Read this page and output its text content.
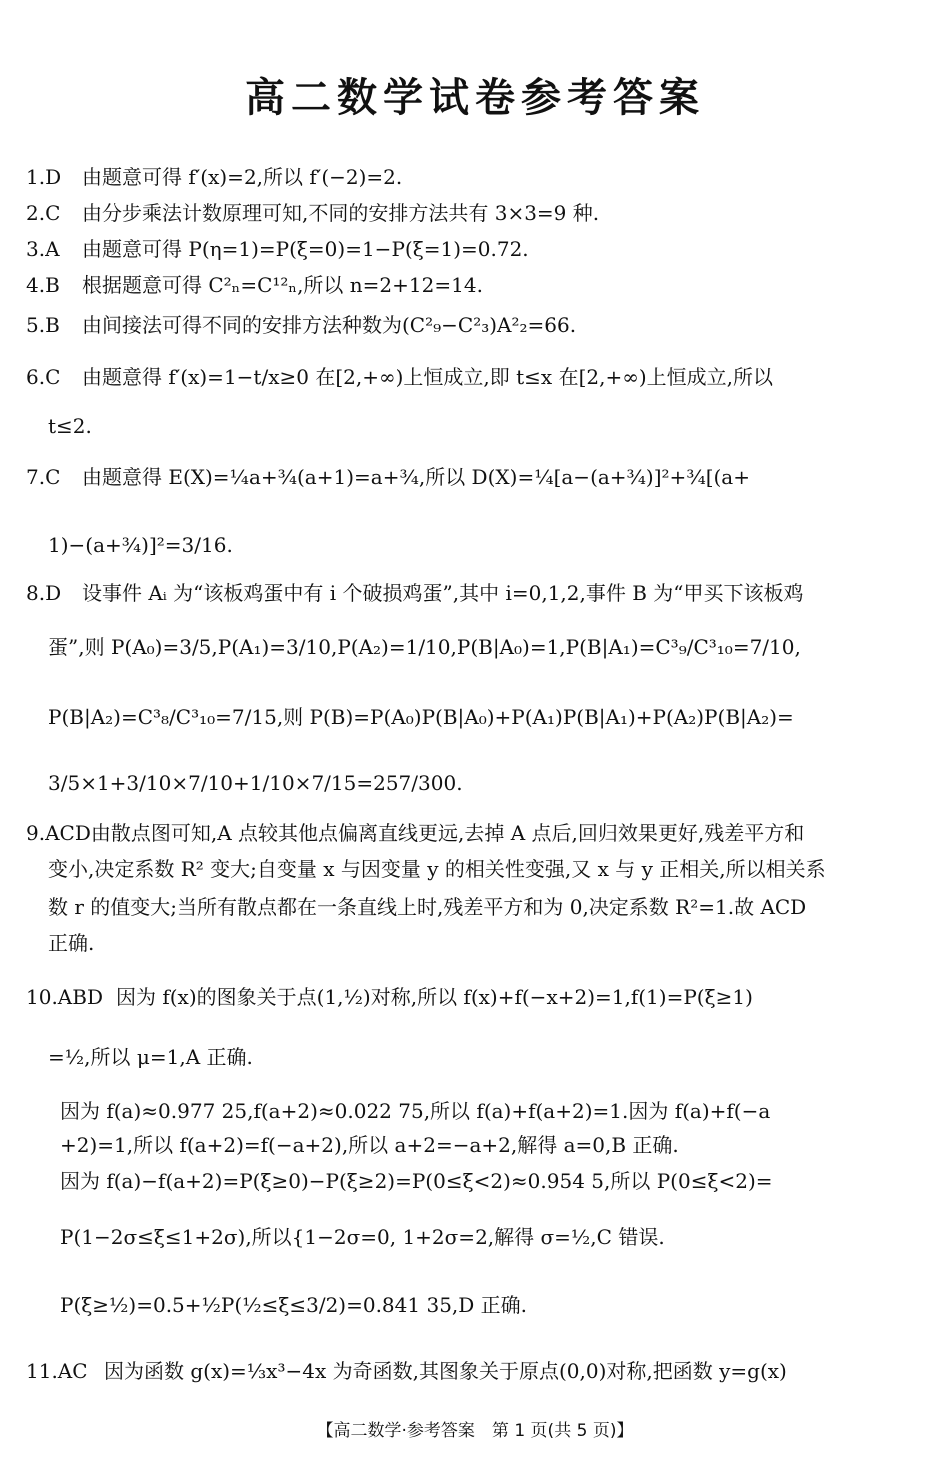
高二数学试卷参考答案
1.D 由题意可得 f′(x)=2,所以 f′(−2)=2.
2.C 由分步乘法计数原理可知,不同的安排方法共有 3×3=9 种.
3.A 由题意可得 P(η=1)=P(ξ=0)=1−P(ξ=1)=0.72.
4.B 根据题意可得 C²ₙ=C¹²ₙ,所以 n=2+12=14.
5.B 由间接法可得不同的安排方法种数为(C²₉−C²₃)A²₂=66.
6.C 由题意得 f′(x)=1−t/x≥0 在[2,+∞)上恒成立,即 t≤x 在[2,+∞)上恒成立,所以
t≤2.
7.C 由题意得 E(X)=¼a+¾(a+1)=a+¾,所以 D(X)=¼[a−(a+¾)]²+¾[(a+
1)−(a+¾)]²=3/16.
8.D 设事件 Aᵢ 为“该板鸡蛋中有 i 个破损鸡蛋”,其中 i=0,1,2,事件 B 为“甲买下该板鸡
蛋”,则 P(A₀)=3/5,P(A₁)=3/10,P(A₂)=1/10,P(B|A₀)=1,P(B|A₁)=C³₉/C³₁₀=7/10,
P(B|A₂)=C³₈/C³₁₀=7/15,则 P(B)=P(A₀)P(B|A₀)+P(A₁)P(B|A₁)+P(A₂)P(B|A₂)=
3/5×1+3/10×7/10+1/10×7/15=257/300.
9.ACD由散点图可知,A 点较其他点偏离直线更远,去掉 A 点后,回归效果更好,残差平方和
变小,决定系数 R² 变大;自变量 x 与因变量 y 的相关性变强,又 x 与 y 正相关,所以相关系
数 r 的值变大;当所有散点都在一条直线上时,残差平方和为 0,决定系数 R²=1.故 ACD
正确.
10.ABD 因为 f(x)的图象关于点(1,½)对称,所以 f(x)+f(−x+2)=1,f(1)=P(ξ≥1)
=½,所以 μ=1,A 正确.
因为 f(a)≈0.977 25,f(a+2)≈0.022 75,所以 f(a)+f(a+2)=1.因为 f(a)+f(−a
+2)=1,所以 f(a+2)=f(−a+2),所以 a+2=−a+2,解得 a=0,B 正确.
因为 f(a)−f(a+2)=P(ξ≥0)−P(ξ≥2)=P(0≤ξ<2)≈0.954 5,所以 P(0≤ξ<2)=
P(1−2σ≤ξ≤1+2σ),所以{1−2σ=0, 1+2σ=2,解得 σ=½,C 错误.
P(ξ≥½)=0.5+½P(½≤ξ≤3/2)=0.841 35,D 正确.
11.AC 因为函数 g(x)=⅓x³−4x 为奇函数,其图象关于原点(0,0)对称,把函数 y=g(x)
【高二数学·参考答案　第 1 页(共 5 页)】
